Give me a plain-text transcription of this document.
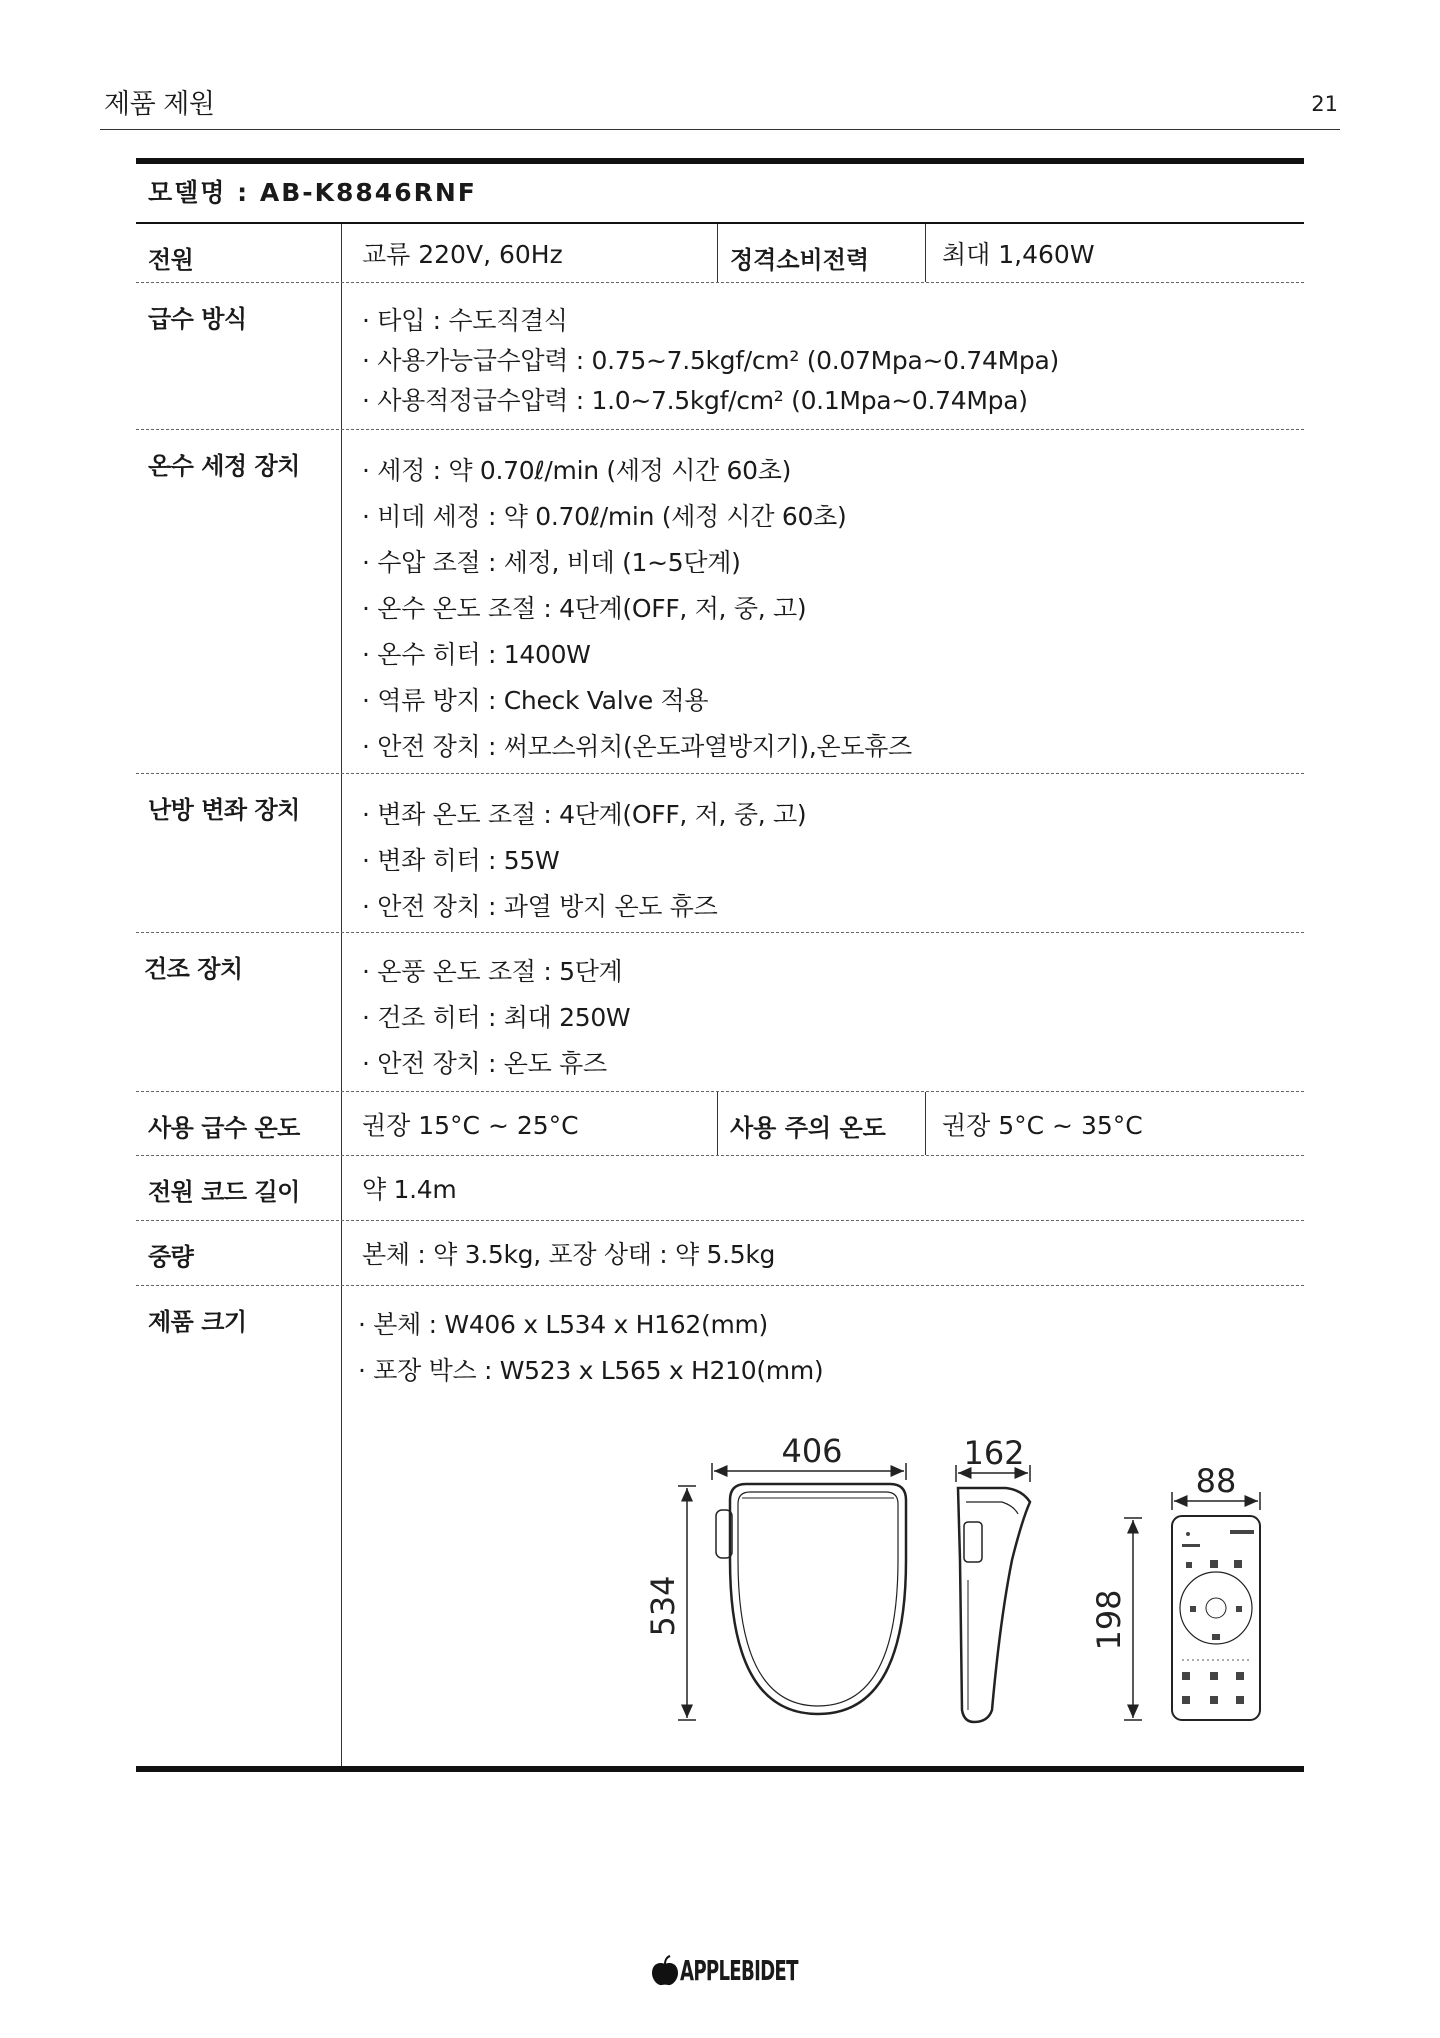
제품 제원	21
모델명 : AB-K8846RNF
전원	교류 220V, 60Hz	정격소비전력	최대 1,460W
급수 방식	· 타입 : 수도직결식
· 사용가능급수압력 : 0.75~7.5kgf/cm² (0.07Mpa~0.74Mpa)
· 사용적정급수압력 : 1.0~7.5kgf/cm² (0.1Mpa~0.74Mpa)
온수 세정 장치	· 세정 : 약 0.70ℓ/min (세정 시간 60초)
· 비데 세정 : 약 0.70ℓ/min (세정 시간 60초)
· 수압 조절 : 세정, 비데 (1~5단계)
· 온수 온도 조절 : 4단계(OFF, 저, 중, 고)
· 온수 히터 : 1400W
· 역류 방지 : Check Valve 적용
· 안전 장치 : 써모스위치(온도과열방지기),온도휴즈
난방 변좌 장치	· 변좌 온도 조절 : 4단계(OFF, 저, 중, 고)
· 변좌 히터 : 55W
· 안전 장치 : 과열 방지 온도 휴즈
건조 장치	· 온풍 온도 조절 : 5단계
· 건조 히터 : 최대 250W
· 안전 장치 : 온도 휴즈
사용 급수 온도	권장 15°C ~ 25°C	사용 주의 온도	권장 5°C ~ 35°C
전원 코드 길이	약 1.4m
중량	본체 : 약 3.5kg, 포장 상태 : 약 5.5kg
제품 크기	· 본체 : W406 x L534 x H162(mm)
· 포장 박스 : W523 x L565 x H210(mm)
406	162
88
534	198
APPLEBIDET
